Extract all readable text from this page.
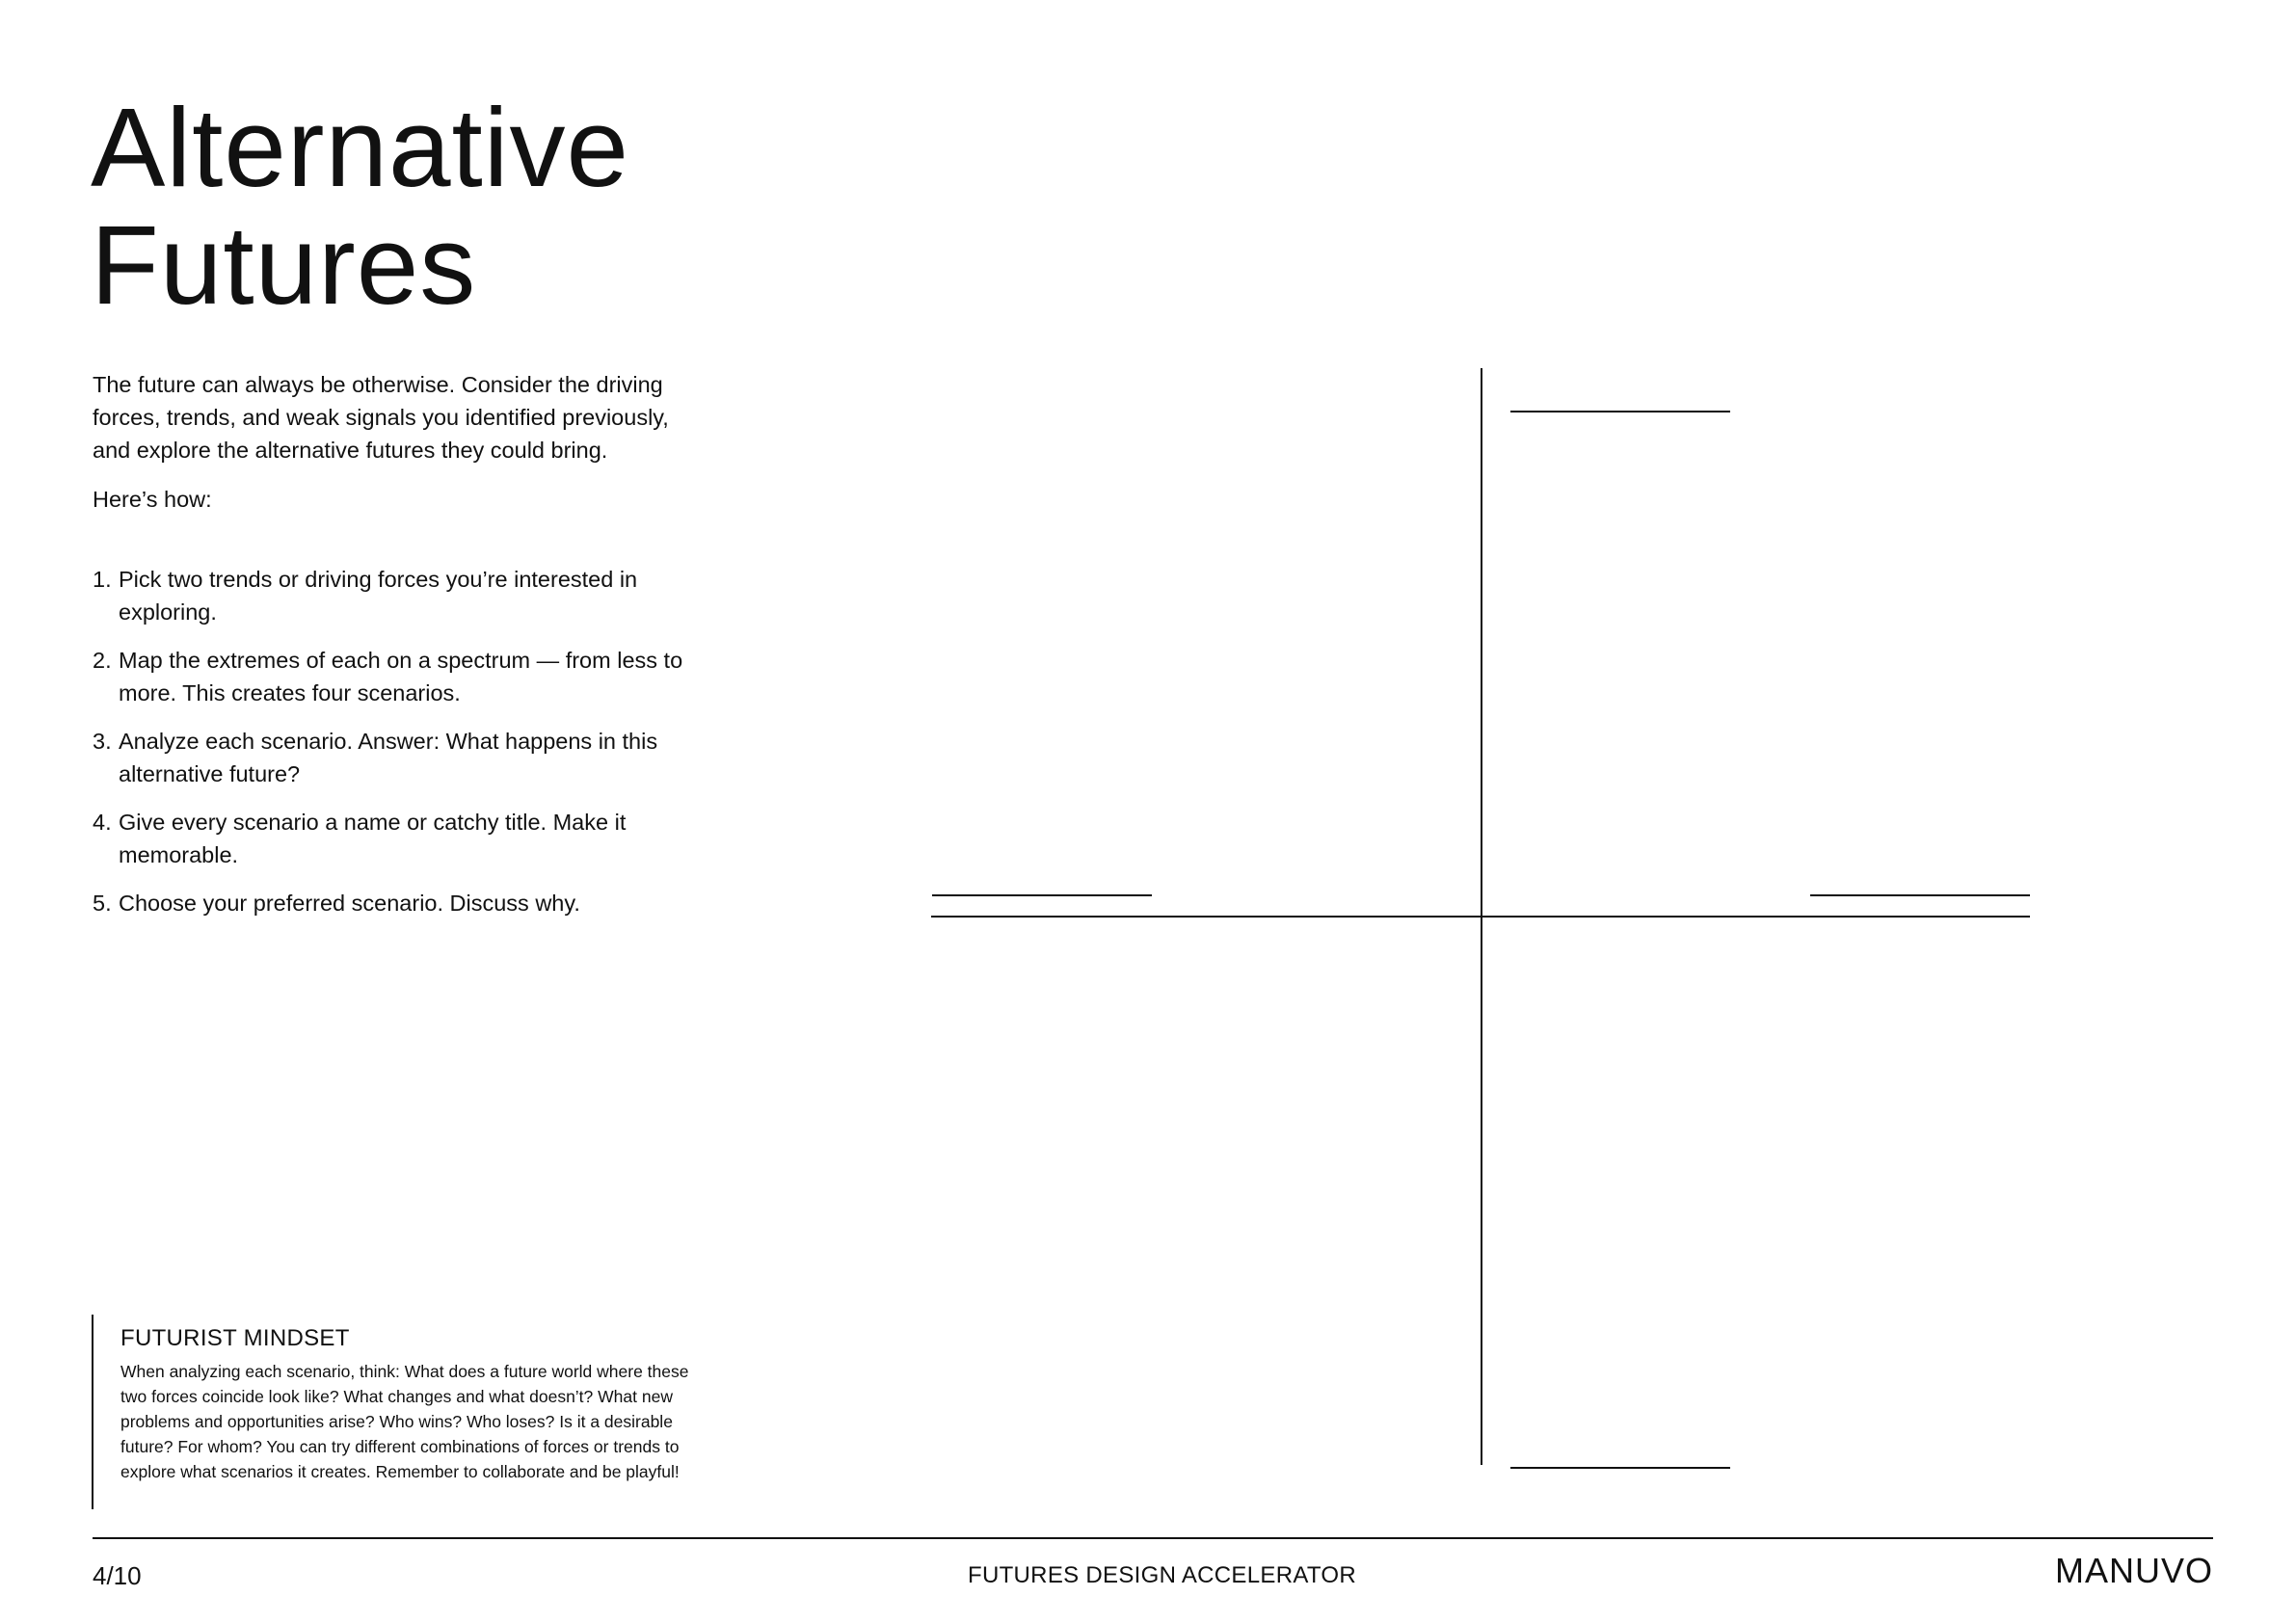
Alternative
Futures

The future can always be otherwise. Consider the driving forces, trends, and weak signals you identified previously, and explore the alternative futures they could bring.

Here’s how:

1. Pick two trends or driving forces you’re interested in exploring.
2. Map the extremes of each on a spectrum — from less to more. This creates four scenarios.
3. Analyze each scenario. Answer: What happens in this alternative future?
4. Give every scenario a name or catchy title. Make it memorable.
5. Choose your preferred scenario. Discuss why.
FUTURIST MINDSET

When analyzing each scenario, think: What does a future world where these two forces coincide look like? What changes and what doesn’t? What new problems and opportunities arise? Who wins? Who loses? Is it a desirable future? For whom? You can try different combinations of forces or trends to explore what scenarios it creates. Remember to collaborate and be playful!

4/10	FUTURES DESIGN ACCELERATOR	MANUVO
